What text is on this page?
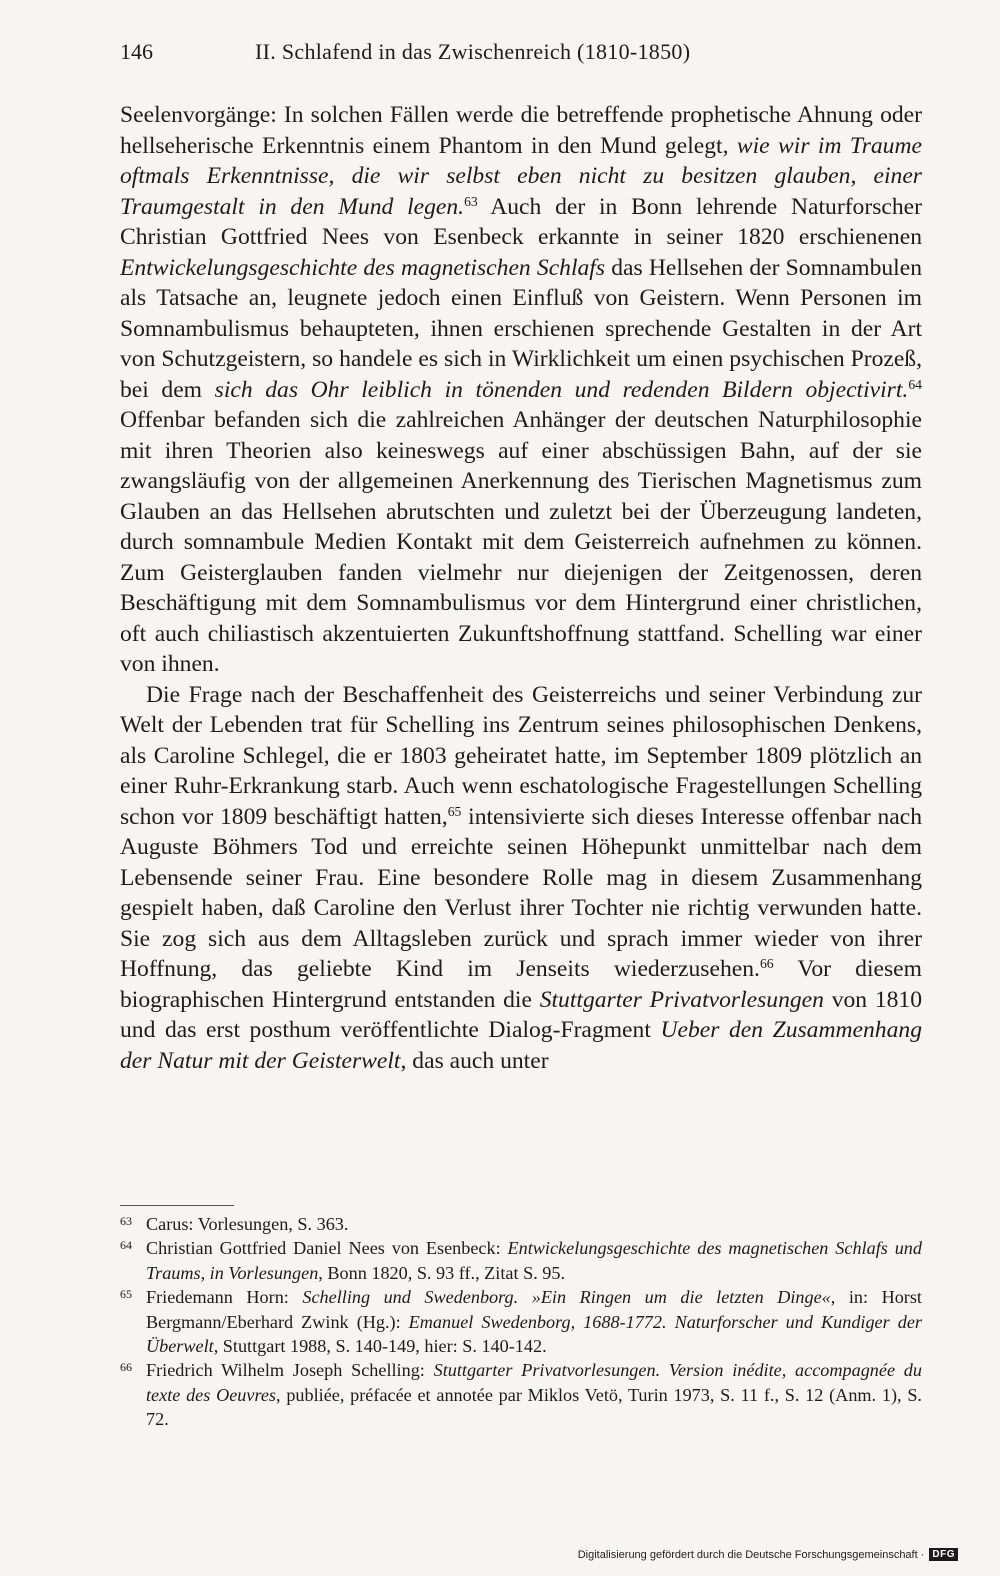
146	II. Schlafend in das Zwischenreich (1810-1850)

Seelenvorgänge: In solchen Fällen werde die betreffende prophetische Ahnung oder hellseherische Erkenntnis einem Phantom in den Mund gelegt, wie wir im Traume oftmals Erkenntnisse, die wir selbst eben nicht zu besitzen glauben, einer Traumgestalt in den Mund legen.$^{63}$ Auch der in Bonn lehrende Naturforscher Christian Gottfried Nees von Esenbeck erkannte in seiner 1820 erschienenen Entwickelungsgeschichte des magnetischen Schlafs das Hellsehen der Somnambulen als Tatsache an, leugnete jedoch einen Einfluß von Geistern. Wenn Personen im Somnambulismus behaupteten, ihnen erschienen sprechende Gestalten in der Art von Schutzgeistern, so handele es sich in Wirklichkeit um einen psychischen Prozeß, bei dem sich das Ohr leiblich in tönenden und redenden Bildern objectivirt.$^{64}$ Offenbar befanden sich die zahlreichen Anhänger der deutschen Naturphilosophie mit ihren Theorien also keineswegs auf einer abschüssigen Bahn, auf der sie zwangsläufig von der allgemeinen Anerkennung des Tierischen Magnetismus zum Glauben an das Hellsehen abrutschten und zuletzt bei der Überzeugung landeten, durch somnambule Medien Kontakt mit dem Geisterreich aufnehmen zu können. Zum Geisterglauben fanden vielmehr nur diejenigen der Zeitgenossen, deren Beschäftigung mit dem Somnambulismus vor dem Hintergrund einer christlichen, oft auch chiliastisch akzentuierten Zukunftshoffnung stattfand. Schelling war einer von ihnen.

Die Frage nach der Beschaffenheit des Geisterreichs und seiner Verbindung zur Welt der Lebenden trat für Schelling ins Zentrum seines philosophischen Denkens, als Caroline Schlegel, die er 1803 geheiratet hatte, im September 1809 plötzlich an einer Ruhr-Erkrankung starb. Auch wenn eschatologische Fragestellungen Schelling schon vor 1809 beschäftigt hatten,$^{65}$ intensivierte sich dieses Interesse offenbar nach Auguste Böhmers Tod und erreichte seinen Höhepunkt unmittelbar nach dem Lebensende seiner Frau. Eine besondere Rolle mag in diesem Zusammenhang gespielt haben, daß Caroline den Verlust ihrer Tochter nie richtig verwunden hatte. Sie zog sich aus dem Alltagsleben zurück und sprach immer wieder von ihrer Hoffnung, das geliebte Kind im Jenseits wiederzusehen.$^{66}$ Vor diesem biographischen Hintergrund entstanden die Stuttgarter Privatvorlesungen von 1810 und das erst posthum veröffentlichte Dialog-Fragment Ueber den Zusammenhang der Natur mit der Geisterwelt, das auch unter

63 Carus: Vorlesungen, S. 363.
64 Christian Gottfried Daniel Nees von Esenbeck: Entwickelungsgeschichte des magnetischen Schlafs und Traums, in Vorlesungen, Bonn 1820, S. 93 ff., Zitat S. 95.
65 Friedemann Horn: Schelling und Swedenborg. »Ein Ringen um die letzten Dinge«, in: Horst Bergmann/Eberhard Zwink (Hg.): Emanuel Swedenborg, 1688-1772. Naturforscher und Kundiger der Überwelt, Stuttgart 1988, S. 140-149, hier: S. 140-142.
66 Friedrich Wilhelm Joseph Schelling: Stuttgarter Privatvorlesungen. Version inédite, accompagnée du texte des Oeuvres, publiée, préfacée et annotée par Miklos Vetö, Turin 1973, S. 11 f., S. 12 (Anm. 1), S. 72.
Digitalisierung gefördert durch die Deutsche Forschungsgemeinschaft · DFG
